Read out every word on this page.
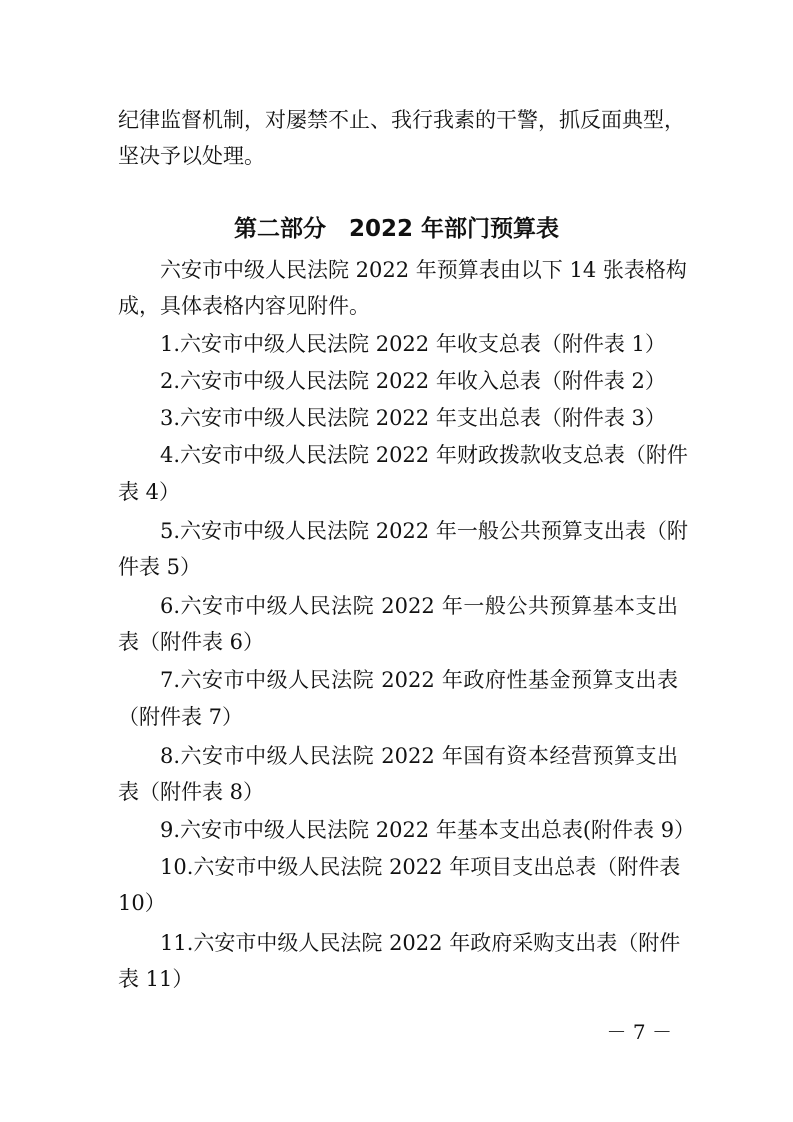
纪律监督机制，对屡禁不止、我行我素的干警，抓反面典型，
坚决予以处理。
第二部分　2022 年部门预算表
六安市中级人民法院 2022 年预算表由以下 14 张表格构
成，具体表格内容见附件。
1.六安市中级人民法院 2022 年收支总表（附件表 1）
2.六安市中级人民法院 2022 年收入总表（附件表 2）
3.六安市中级人民法院 2022 年支出总表（附件表 3）
4.六安市中级人民法院 2022 年财政拨款收支总表（附件
表 4）
5.六安市中级人民法院 2022 年一般公共预算支出表（附
件表 5）
6.六安市中级人民法院 2022 年一般公共预算基本支出
表（附件表 6）
7.六安市中级人民法院 2022 年政府性基金预算支出表
（附件表 7）
8.六安市中级人民法院 2022 年国有资本经营预算支出
表（附件表 8）
9.六安市中级人民法院 2022 年基本支出总表(附件表 9）
10.六安市中级人民法院 2022 年项目支出总表（附件表
10）
11.六安市中级人民法院 2022 年政府采购支出表（附件
表 11）
－ 7 －
